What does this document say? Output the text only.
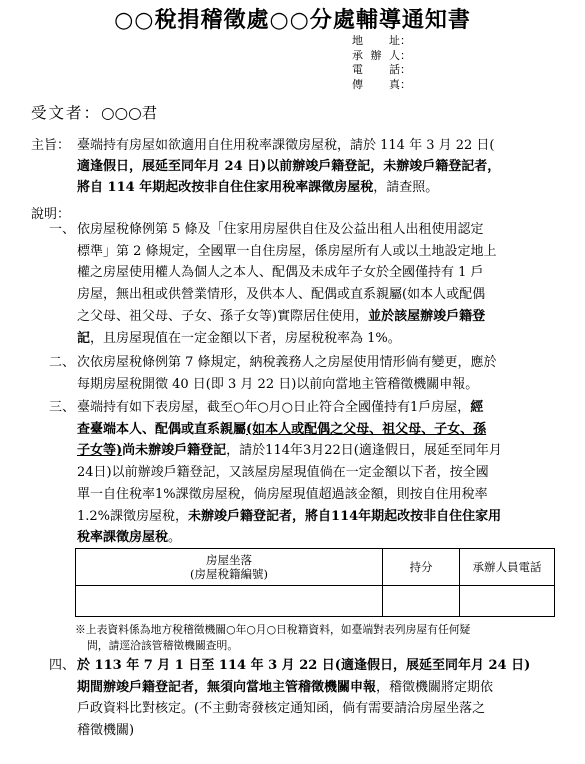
○○稅捐稽徵處○○分處輔導通知書
地址 ：
承辦人 ：
電話 ：
傳真 ：
受文者：○○○君
主旨： 臺端持有房屋如欲適用自住用稅率課徵房屋稅，請於 114 年 3 月 22 日(
適逢假日，展延至同年月 24 日)以前辦竣戶籍登記，未辦竣戶籍登記者，
將自 114 年期起改按非自住住家用稅率課徵房屋稅，請查照。
說明：
一、 依房屋稅條例第 5 條及「住家用房屋供自住及公益出租人出租使用認定
標準」第 2 條規定，全國單一自住房屋，係房屋所有人或以土地設定地上
權之房屋使用權人為個人之本人、配偶及未成年子女於全國僅持有 1 戶
房屋，無出租或供營業情形，及供本人、配偶或直系親屬(如本人或配偶
之父母、祖父母、子女、孫子女等)實際居住使用，並於該屋辦竣戶籍登
記，且房屋現值在一定金額以下者，房屋稅稅率為 1%。
二、 次依房屋稅條例第 7 條規定，納稅義務人之房屋使用情形倘有變更，應於
每期房屋稅開徵 40 日(即 3 月 22 日)以前向當地主管稽徵機關申報。
三、 臺端持有如下表房屋，截至○年○月○日止符合全國僅持有1戶房屋，經
查臺端本人、配偶或直系親屬(如本人或配偶之父母、祖父母、子女、孫
子女等)尚未辦竣戶籍登記，請於114年3月22日(適逢假日，展延至同年月
24日)以前辦竣戶籍登記，又該屋房屋現值倘在一定金額以下者，按全國
單一自住稅率1%課徵房屋稅，倘房屋現值超過該金額，則按自住用稅率
1.2%課徵房屋稅，未辦竣戶籍登記者，將自114年期起改按非自住住家用
稅率課徵房屋稅。
房屋坐落
(房屋稅籍編號)	持分	承辦人員電話

※上表資料係為地方稅稽徵機關○年○月○日稅籍資料，如臺端對表列房屋有任何疑
問，請逕洽該管稽徵機關查明。
四、 於 113 年 7 月 1 日至 114 年 3 月 22 日(適逢假日，展延至同年月 24 日)
期間辦竣戶籍登記者，無須向當地主管稽徵機關申報，稽徵機關將定期依
戶政資料比對核定。(不主動寄發核定通知函，倘有需要請洽房屋坐落之
稽徵機關)
